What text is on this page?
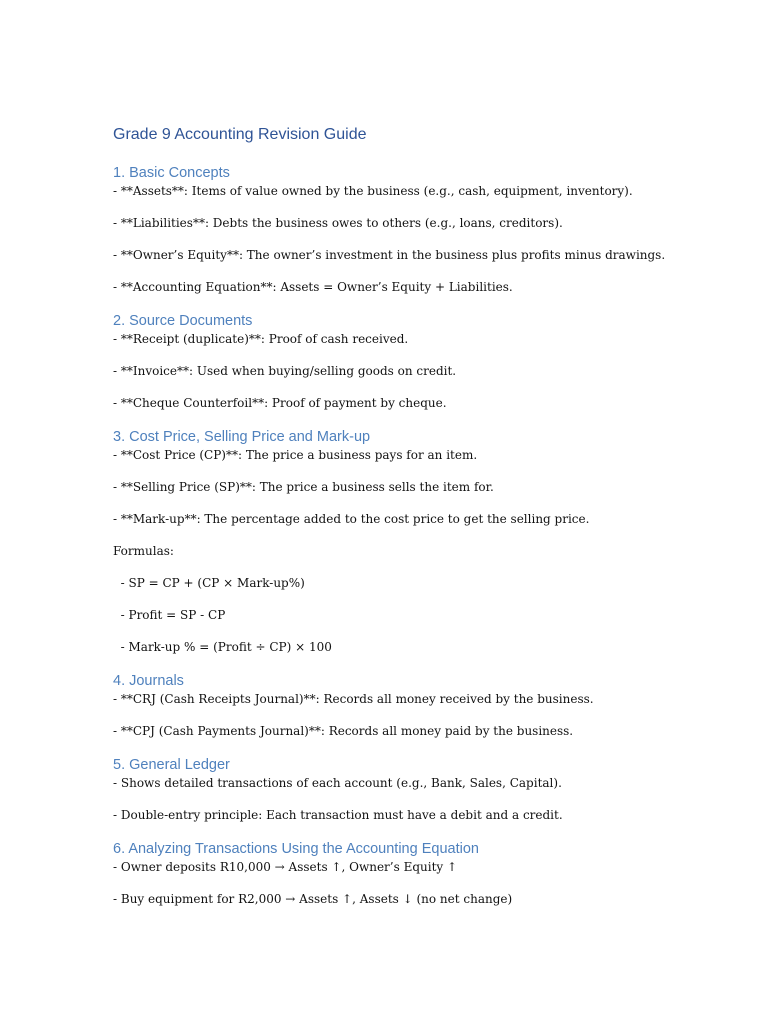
Grade 9 Accounting Revision Guide
1. Basic Concepts

- **Assets**: Items of value owned by the business (e.g., cash, equipment, inventory).

- **Liabilities**: Debts the business owes to others (e.g., loans, creditors).

- **Owner’s Equity**: The owner’s investment in the business plus profits minus drawings.

- **Accounting Equation**: Assets = Owner’s Equity + Liabilities.

2. Source Documents

- **Receipt (duplicate)**: Proof of cash received.

- **Invoice**: Used when buying/selling goods on credit.

- **Cheque Counterfoil**: Proof of payment by cheque.

3. Cost Price, Selling Price and Mark-up

- **Cost Price (CP)**: The price a business pays for an item.

- **Selling Price (SP)**: The price a business sells the item for.

- **Mark-up**: The percentage added to the cost price to get the selling price.

Formulas:

- SP = CP + (CP × Mark-up%)

- Profit = SP - CP

- Mark-up % = (Profit ÷ CP) × 100

4. Journals

- **CRJ (Cash Receipts Journal)**: Records all money received by the business.

- **CPJ (Cash Payments Journal)**: Records all money paid by the business.

5. General Ledger

- Shows detailed transactions of each account (e.g., Bank, Sales, Capital).

- Double-entry principle: Each transaction must have a debit and a credit.

6. Analyzing Transactions Using the Accounting Equation

- Owner deposits R10,000 → Assets ↑, Owner’s Equity ↑

- Buy equipment for R2,000 → Assets ↑, Assets ↓ (no net change)
